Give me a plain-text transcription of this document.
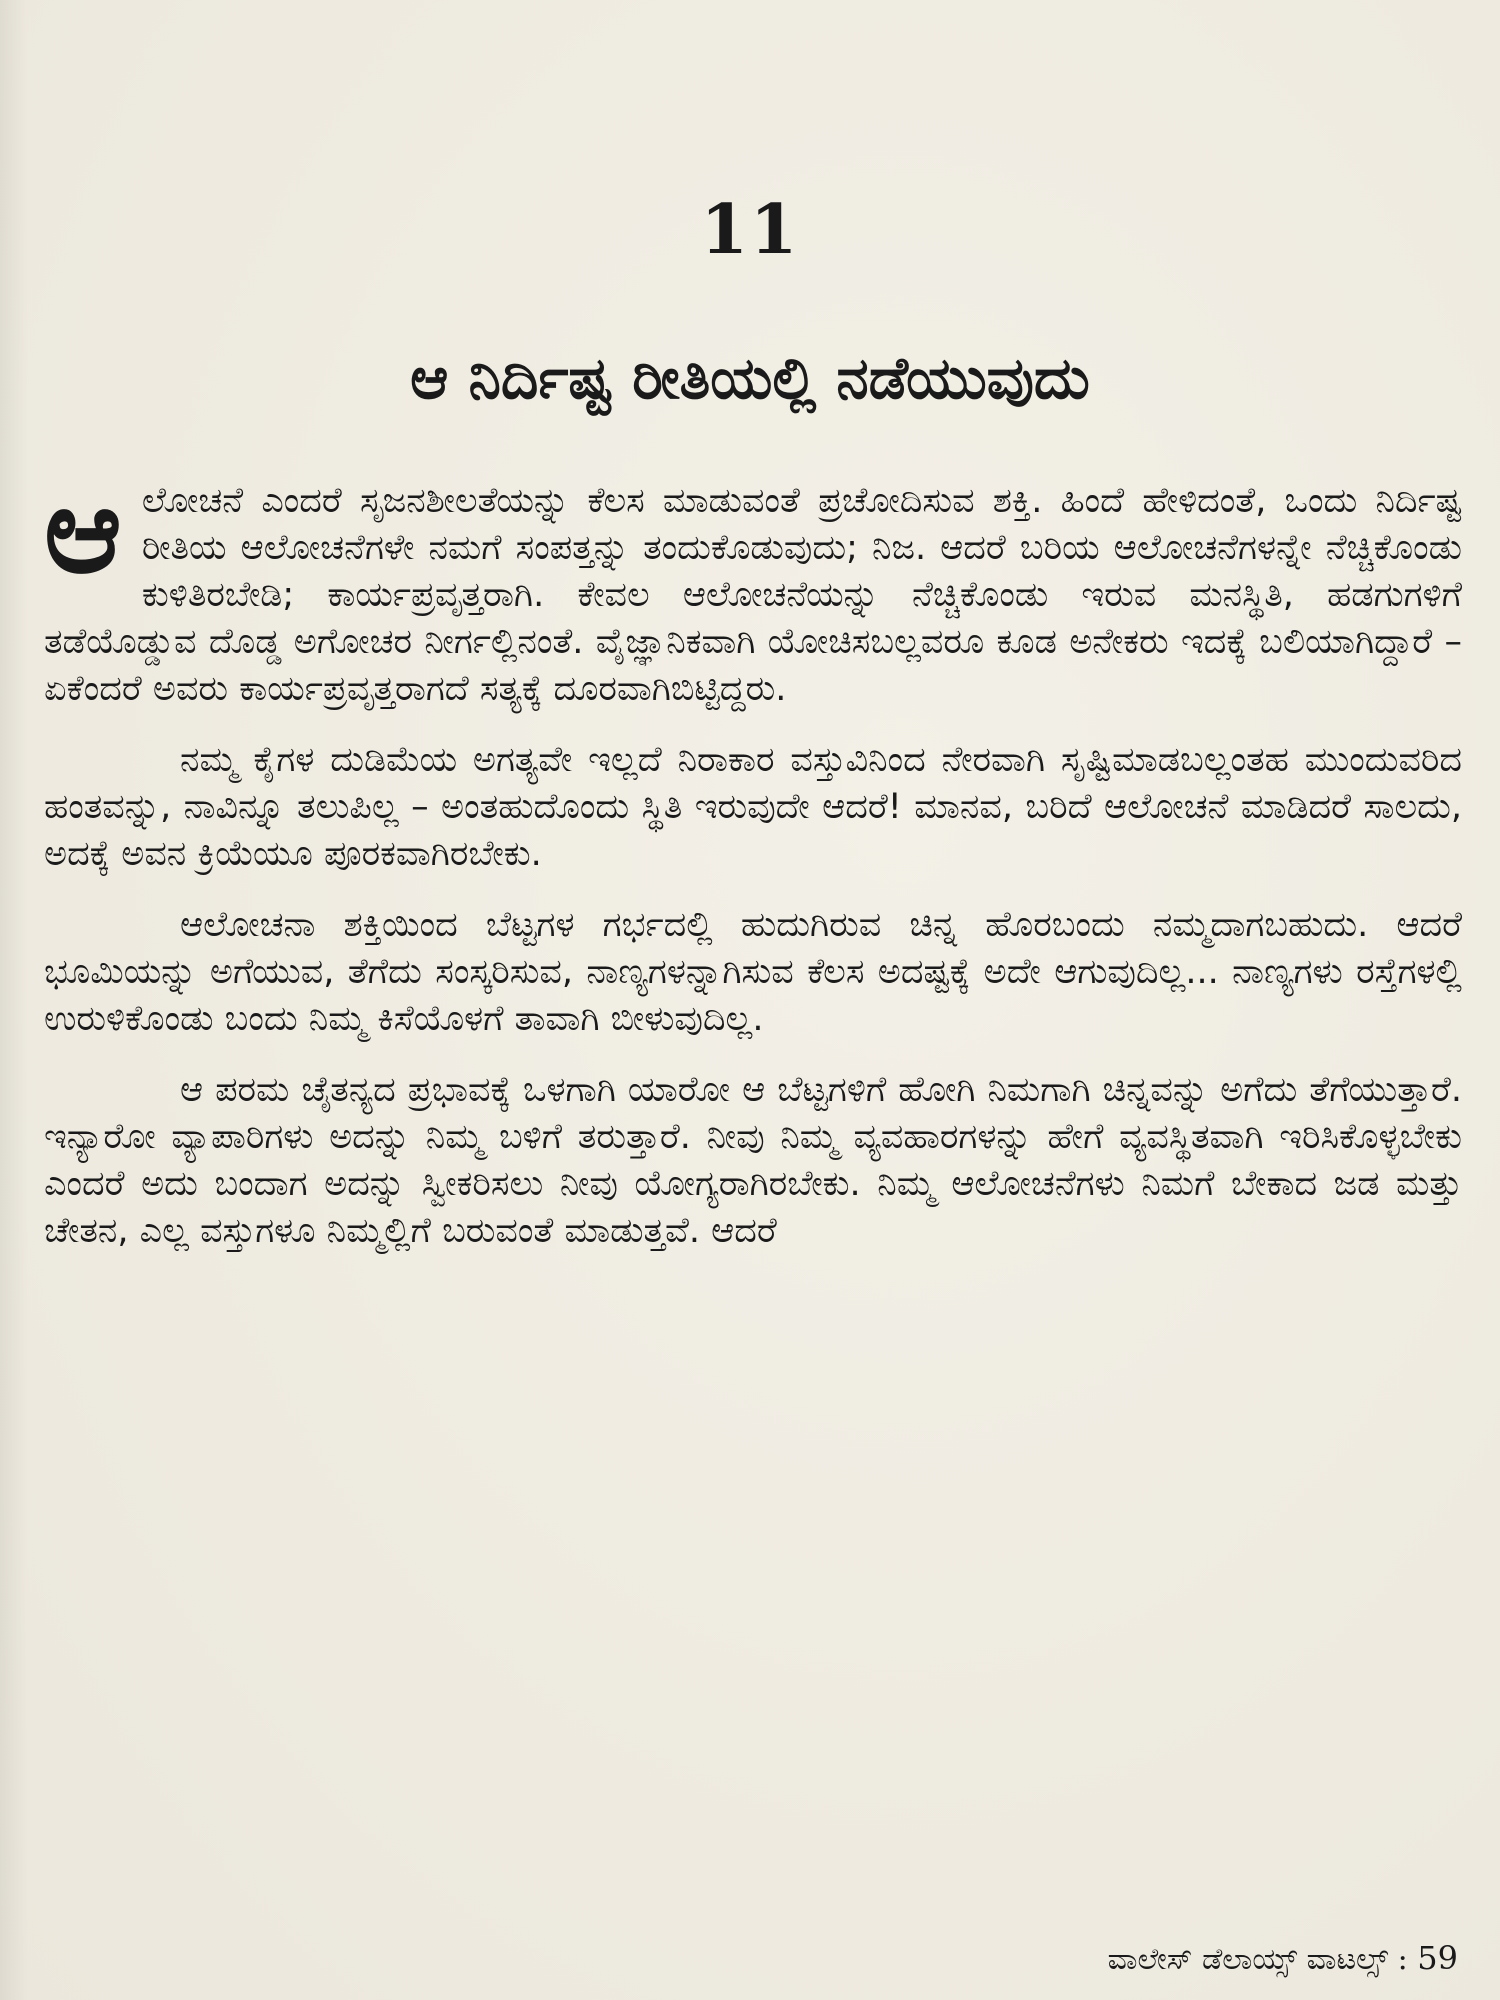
11
ಆ ನಿರ್ದಿಷ್ಟ ರೀತಿಯಲ್ಲಿ ನಡೆಯುವುದು

ಆಲೋಚನೆ ಎಂದರೆ ಸೃಜನಶೀಲತೆಯನ್ನು ಕೆಲಸ ಮಾಡುವಂತೆ ಪ್ರಚೋದಿಸುವ ಶಕ್ತಿ. ಹಿಂದೆ ಹೇಳಿದಂತೆ, ಒಂದು ನಿರ್ದಿಷ್ಟ ರೀತಿಯ ಆಲೋಚನೆಗಳೇ ನಮಗೆ ಸಂಪತ್ತನ್ನು ತಂದುಕೊಡುವುದು; ನಿಜ. ಆದರೆ ಬರಿಯ ಆಲೋಚನೆಗಳನ್ನೇ ನೆಚ್ಚಿಕೊಂಡು ಕುಳಿತಿರಬೇಡಿ; ಕಾರ್ಯಪ್ರವೃತ್ತರಾಗಿ. ಕೇವಲ ಆಲೋಚನೆಯನ್ನು ನೆಚ್ಚಿಕೊಂಡು ಇರುವ ಮನಸ್ಥಿತಿ, ಹಡಗುಗಳಿಗೆ ತಡೆಯೊಡ್ಡುವ ದೊಡ್ಡ ಅಗೋಚರ ನೀರ್ಗಲ್ಲಿನಂತೆ. ವೈಜ್ಞಾನಿಕವಾಗಿ ಯೋಚಿಸಬಲ್ಲವರೂ ಕೂಡ ಅನೇಕರು ಇದಕ್ಕೆ ಬಲಿಯಾಗಿದ್ದಾರೆ – ಏಕೆಂದರೆ ಅವರು ಕಾರ್ಯಪ್ರವೃತ್ತರಾಗದೆ ಸತ್ಯಕ್ಕೆ ದೂರವಾಗಿಬಿಟ್ಟಿದ್ದರು.

ನಮ್ಮ ಕೈಗಳ ದುಡಿಮೆಯ ಅಗತ್ಯವೇ ಇಲ್ಲದೆ ನಿರಾಕಾರ ವಸ್ತುವಿನಿಂದ ನೇರವಾಗಿ ಸೃಷ್ಟಿಮಾಡಬಲ್ಲಂತಹ ಮುಂದುವರಿದ ಹಂತವನ್ನು, ನಾವಿನ್ನೂ ತಲುಪಿಲ್ಲ – ಅಂತಹುದೊಂದು ಸ್ಥಿತಿ ಇರುವುದೇ ಆದರೆ! ಮಾನವ, ಬರಿದೆ ಆಲೋಚನೆ ಮಾಡಿದರೆ ಸಾಲದು, ಅದಕ್ಕೆ ಅವನ ಕ್ರಿಯೆಯೂ ಪೂರಕವಾಗಿರಬೇಕು.

ಆಲೋಚನಾ ಶಕ್ತಿಯಿಂದ ಬೆಟ್ಟಗಳ ಗರ್ಭದಲ್ಲಿ ಹುದುಗಿರುವ ಚಿನ್ನ ಹೊರಬಂದು ನಮ್ಮದಾಗಬಹುದು. ಆದರೆ ಭೂಮಿಯನ್ನು ಅಗೆಯುವ, ತೆಗೆದು ಸಂಸ್ಕರಿಸುವ, ನಾಣ್ಯಗಳನ್ನಾಗಿಸುವ ಕೆಲಸ ಅದಷ್ಟಕ್ಕೆ ಅದೇ ಆಗುವುದಿಲ್ಲ... ನಾಣ್ಯಗಳು ರಸ್ತೆಗಳಲ್ಲಿ ಉರುಳಿಕೊಂಡು ಬಂದು ನಿಮ್ಮ ಕಿಸೆಯೊಳಗೆ ತಾವಾಗಿ ಬೀಳುವುದಿಲ್ಲ.

ಆ ಪರಮ ಚೈತನ್ಯದ ಪ್ರಭಾವಕ್ಕೆ ಒಳಗಾಗಿ ಯಾರೋ ಆ ಬೆಟ್ಟಗಳಿಗೆ ಹೋಗಿ ನಿಮಗಾಗಿ ಚಿನ್ನವನ್ನು ಅಗೆದು ತೆಗೆಯುತ್ತಾರೆ. ಇನ್ಯಾರೋ ವ್ಯಾಪಾರಿಗಳು ಅದನ್ನು ನಿಮ್ಮ ಬಳಿಗೆ ತರುತ್ತಾರೆ. ನೀವು ನಿಮ್ಮ ವ್ಯವಹಾರಗಳನ್ನು ಹೇಗೆ ವ್ಯವಸ್ಥಿತವಾಗಿ ಇರಿಸಿಕೊಳ್ಳಬೇಕು ಎಂದರೆ ಅದು ಬಂದಾಗ ಅದನ್ನು ಸ್ವೀಕರಿಸಲು ನೀವು ಯೋಗ್ಯರಾಗಿರಬೇಕು. ನಿಮ್ಮ ಆಲೋಚನೆಗಳು ನಿಮಗೆ ಬೇಕಾದ ಜಡ ಮತ್ತು ಚೇತನ, ಎಲ್ಲ ವಸ್ತುಗಳೂ ನಿಮ್ಮಲ್ಲಿಗೆ ಬರುವಂತೆ ಮಾಡುತ್ತವೆ. ಆದರೆ

ವಾಲೇಸ್ ಡೆಲಾಯ್ಸ್ ವಾಟಲ್ಸ್ : 59
